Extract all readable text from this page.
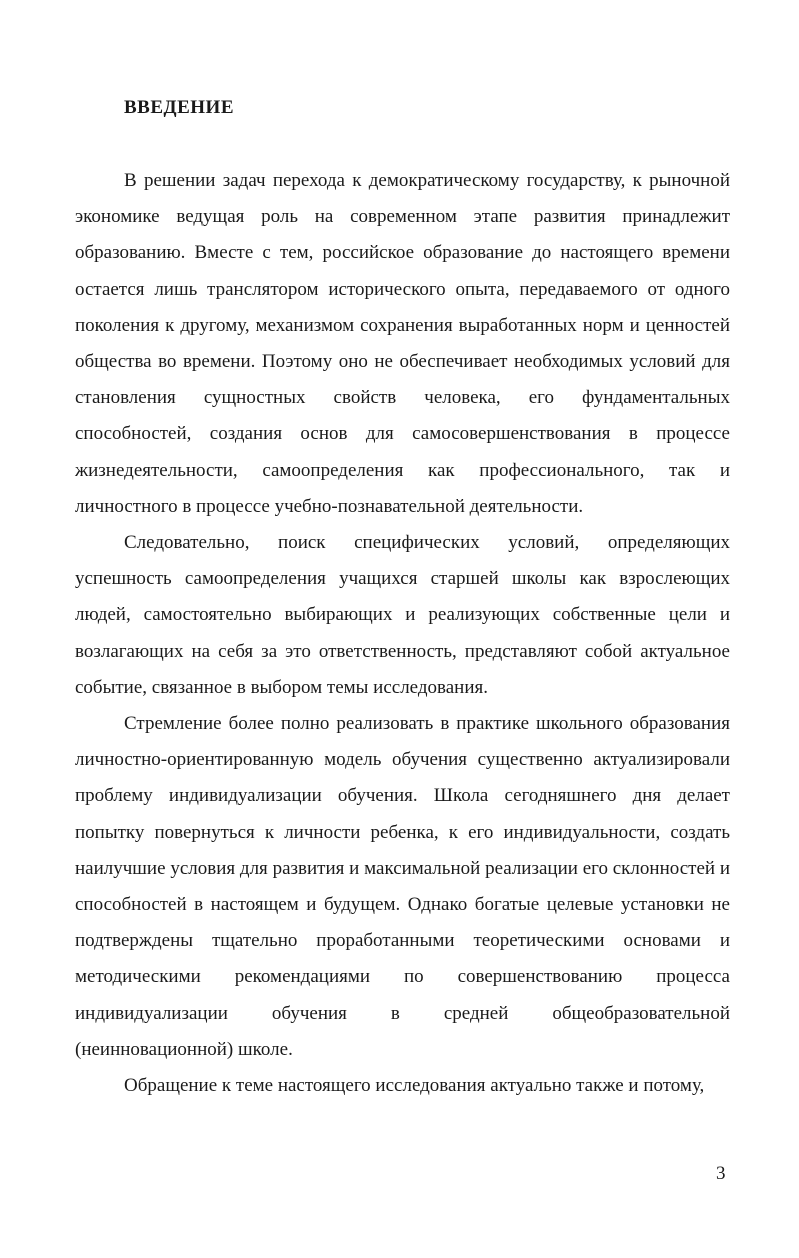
ВВЕДЕНИЕ

В решении задач перехода к демократическому государству, к рыночной экономике ведущая роль на современном этапе развития принадлежит образованию. Вместе с тем, российское образование до настоящего времени остается лишь транслятором исторического опыта, передаваемого от одного поколения к другому, механизмом сохранения выработанных норм и ценностей общества во времени. Поэтому оно не обеспечивает необходимых условий для становления сущностных свойств человека, его фундаментальных способностей, создания основ для самосовершенствования в процессе жизнедеятельности, самоопределения как профессионального, так и личностного в процессе учебно-познавательной деятельности.

Следовательно, поиск специфических условий, определяющих успешность самоопределения учащихся старшей школы как взрослеющих людей, самостоятельно выбирающих и реализующих собственные цели и возлагающих на себя за это ответственность, представляют собой актуальное событие, связанное в выбором темы исследования.

Стремление более полно реализовать в практике школьного образования личностно-ориентированную модель обучения существенно актуализировали проблему индивидуализации обучения. Школа сегодняшнего дня делает попытку повернуться к личности ребенка, к его индивидуальности, создать наилучшие условия для развития и максимальной реализации его склонностей и способностей в настоящем и будущем. Однако богатые целевые установки не подтверждены тщательно проработанными теоретическими основами и методическими рекомендациями по совершенствованию процесса индивидуализации обучения в средней общеобразовательной (неинновационной) школе.

Обращение к теме настоящего исследования актуально также и потому,

3
